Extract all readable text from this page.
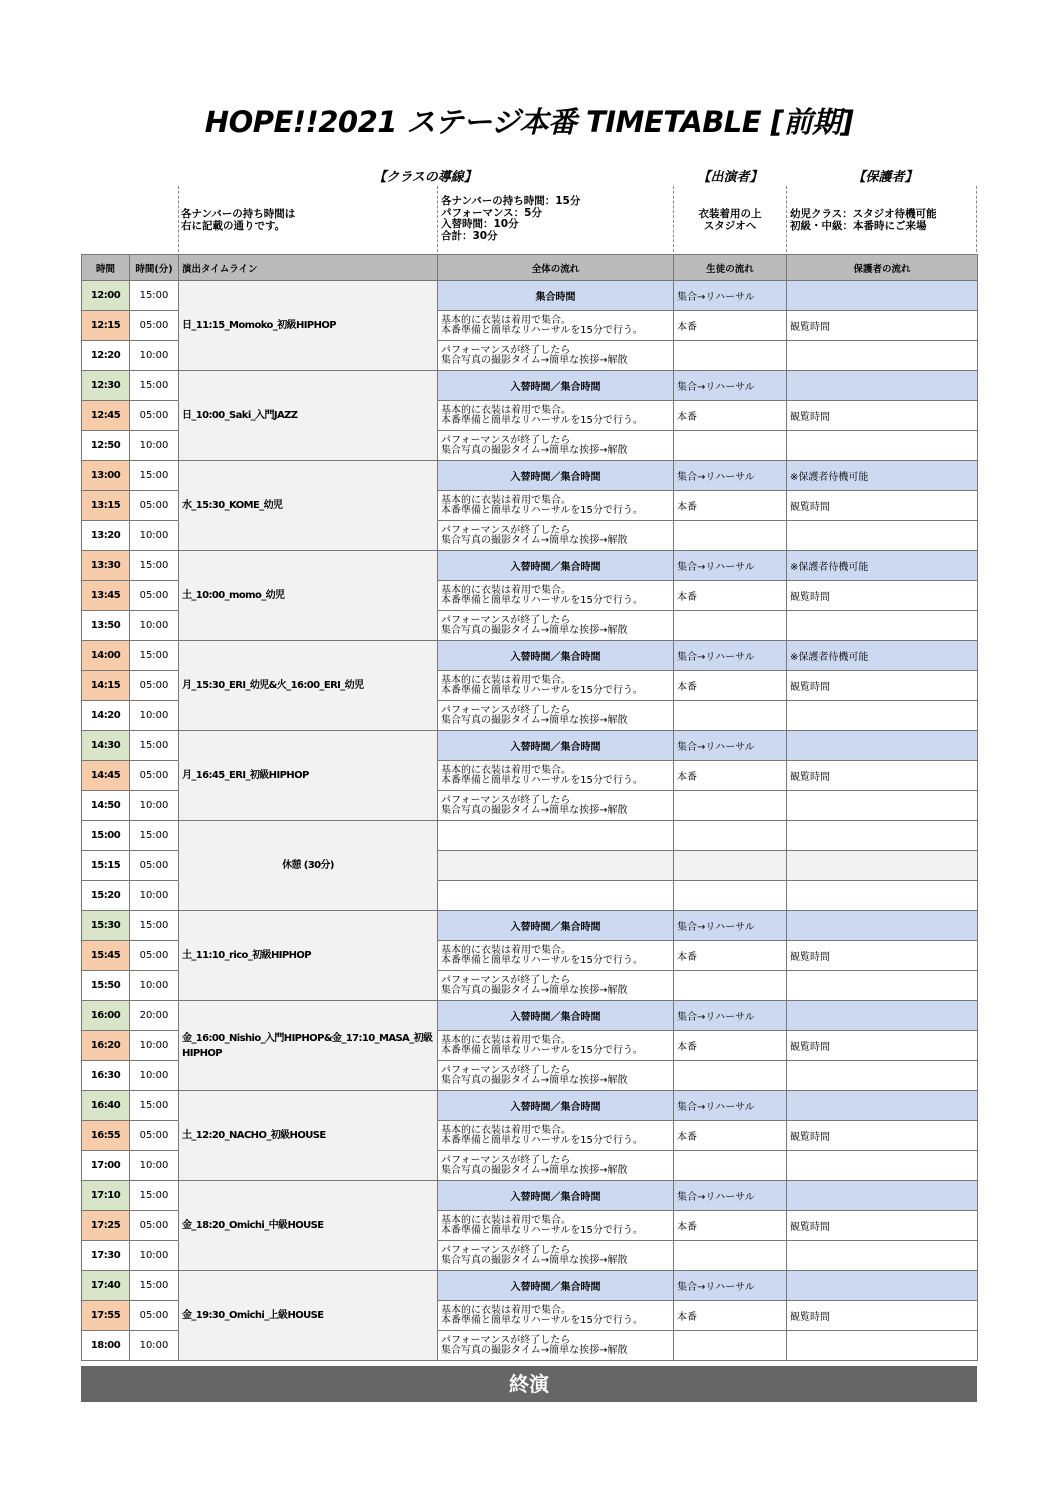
HOPE!!2021 ステージ本番 TIMETABLE [前期]
【クラスの導線】	【出演者】	【保護者】
各ナンバーの持ち時間は
右に記載の通りです。
各ナンバーの持ち時間：15分
パフォーマンス：5分
入替時間：10分
合計：30分
衣装着用の上
スタジオへ
幼児クラス：スタジオ待機可能
初級・中級：本番時にご来場
時間	時間(分)	演出タイムライン	全体の流れ	生徒の流れ	保護者の流れ
12:00	15:00	日_11:15_Momoko_初級HIPHOP	集合時間	集合→リハーサル	
12:15	05:00		基本的に衣装は着用で集合。
本番準備と簡単なリハーサルを15分で行う。	本番	観覧時間
12:20	10:00		パフォーマンスが終了したら
集合写真の撮影タイム→簡単な挨拶→解散		

12:30	15:00	日_10:00_Saki_入門JAZZ	入替時間／集合時間	集合→リハーサル	
12:45	05:00		基本的に衣装は着用で集合。
本番準備と簡単なリハーサルを15分で行う。	本番	観覧時間
12:50	10:00		パフォーマンスが終了したら
集合写真の撮影タイム→簡単な挨拶→解散		

13:00	15:00	水_15:30_KOME_幼児	入替時間／集合時間	集合→リハーサル	※保護者待機可能
13:15	05:00		基本的に衣装は着用で集合。
本番準備と簡単なリハーサルを15分で行う。	本番	観覧時間
13:20	10:00		パフォーマンスが終了したら
集合写真の撮影タイム→簡単な挨拶→解散		

13:30	15:00	土_10:00_momo_幼児	入替時間／集合時間	集合→リハーサル	※保護者待機可能
13:45	05:00		基本的に衣装は着用で集合。
本番準備と簡単なリハーサルを15分で行う。	本番	観覧時間
13:50	10:00		パフォーマンスが終了したら
集合写真の撮影タイム→簡単な挨拶→解散		

14:00	15:00	月_15:30_ERI_幼児&火_16:00_ERI_幼児	入替時間／集合時間	集合→リハーサル	※保護者待機可能
14:15	05:00		基本的に衣装は着用で集合。
本番準備と簡単なリハーサルを15分で行う。	本番	観覧時間
14:20	10:00		パフォーマンスが終了したら
集合写真の撮影タイム→簡単な挨拶→解散		

14:30	15:00	月_16:45_ERI_初級HIPHOP	入替時間／集合時間	集合→リハーサル	
14:45	05:00		基本的に衣装は着用で集合。
本番準備と簡単なリハーサルを15分で行う。	本番	観覧時間
14:50	10:00		パフォーマンスが終了したら
集合写真の撮影タイム→簡単な挨拶→解散		

15:00	15:00	休憩 (30分)			
15:15	05:00				
15:20	10:00				
15:30	15:00	土_11:10_rico_初級HIPHOP	入替時間／集合時間	集合→リハーサル	
15:45	05:00		基本的に衣装は着用で集合。
本番準備と簡単なリハーサルを15分で行う。	本番	観覧時間
15:50	10:00		パフォーマンスが終了したら
集合写真の撮影タイム→簡単な挨拶→解散		

16:00	20:00	金_16:00_Nishio_入門HIPHOP&金_17:10_MASA_初級HIPHOP	入替時間／集合時間	集合→リハーサル	
16:20	10:00		基本的に衣装は着用で集合。
本番準備と簡単なリハーサルを15分で行う。	本番	観覧時間
16:30	10:00		パフォーマンスが終了したら
集合写真の撮影タイム→簡単な挨拶→解散		

16:40	15:00	土_12:20_NACHO_初級HOUSE	入替時間／集合時間	集合→リハーサル	
16:55	05:00		基本的に衣装は着用で集合。
本番準備と簡単なリハーサルを15分で行う。	本番	観覧時間
17:00	10:00		パフォーマンスが終了したら
集合写真の撮影タイム→簡単な挨拶→解散		

17:10	15:00	金_18:20_Omichi_中級HOUSE	入替時間／集合時間	集合→リハーサル	
17:25	05:00		基本的に衣装は着用で集合。
本番準備と簡単なリハーサルを15分で行う。	本番	観覧時間
17:30	10:00		パフォーマンスが終了したら
集合写真の撮影タイム→簡単な挨拶→解散		

17:40	15:00	金_19:30_Omichi_上級HOUSE	入替時間／集合時間	集合→リハーサル	
17:55	05:00		基本的に衣装は着用で集合。
本番準備と簡単なリハーサルを15分で行う。	本番	観覧時間
18:00	10:00		パフォーマンスが終了したら
集合写真の撮影タイム→簡単な挨拶→解散		

終演
